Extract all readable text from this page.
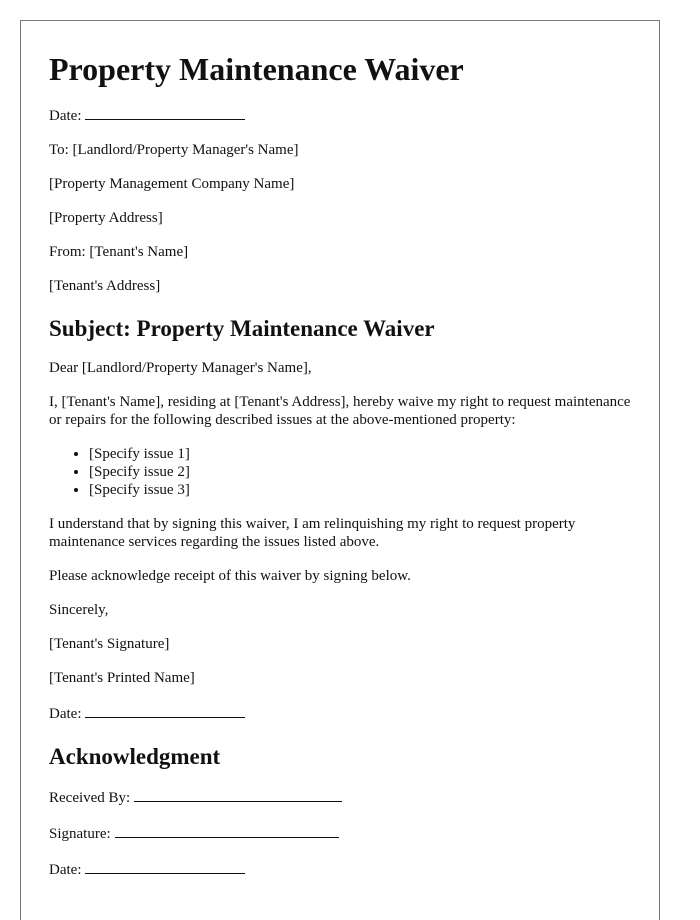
Property Maintenance Waiver

Date:

To: [Landlord/Property Manager's Name]

[Property Management Company Name]

[Property Address]

From: [Tenant's Name]

[Tenant's Address]

Subject: Property Maintenance Waiver

Dear [Landlord/Property Manager's Name],

I, [Tenant's Name], residing at [Tenant's Address], hereby waive my right to request maintenance or repairs for the following described issues at the above-mentioned property:

• [Specify issue 1]
• [Specify issue 2]
• [Specify issue 3]

I understand that by signing this waiver, I am relinquishing my right to request property maintenance services regarding the issues listed above.

Please acknowledge receipt of this waiver by signing below.

Sincerely,

[Tenant's Signature]

[Tenant's Printed Name]

Date:

Acknowledgment

Received By:

Signature:

Date:
